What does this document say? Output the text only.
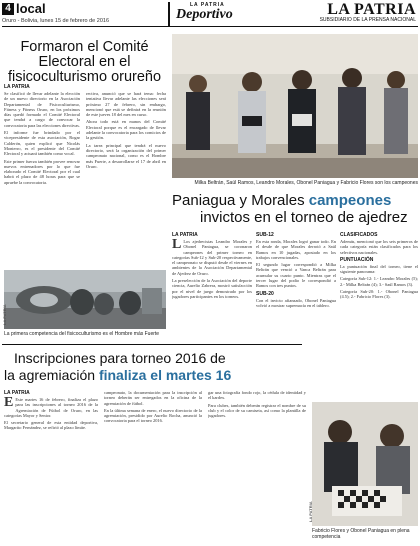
4 local	LA PATRIA
Deportivo	LA PATRIA
SUBSIDIARIO DE LA PRENSA NACIONAL
Oruro - Bolivia, lunes 15 de febrero de 2016
Formaron el Comité Electoral en el fisicoculturismo orureño
LA PATRIA

Se clasificó de llevar adelante la elección de un nuevo directorio en la Asociación Departamental de Fisicoculturismo, Fitness y Fitness Oruro, en los próximos días quedó formado el Comité Electoral que tendrá a cargo de convocar la convocatoria para las elecciones directivas.

El informe fue brindado por el vicepresidente de esta asociación, Rogar Calderón, quien explicó que Nicolás Monterro, es el presidente del Comité Electoral y actuará también como vocal.

Este primer fuerza también provee renovar nuevos entrenadores por lo que fue elaborado el Comité Electoral por el cual habrá el plazo de 48 horas para que se apruebe la convocatoria.

rectiva, anunció que se hará tema: fecha tentativa llevar adelante las elecciones será próximo 27 de febrero, sin embargo, mencionó que está se definirá en la reunión de este jueves 18 del mes en curso.

Ahora todo está en manos del Comité Electoral porque es el encargado de llevar adelante la convocatoria para los comicios de la gestión.

La tarea principal que tendrá el nuevo directorio, será la organización del primer campeonato nacional, como es el Hombre más Fuerte, a desarrollarse el 17 de abril en Oruro.

LA PATRIA
La primera competencia del fisicoculturismo es el Hombre más Fuerte
Milka Beltrán, Saúl Ramos, Leandro Morales, Obonel Paniagua y Fabricio Flores son los campeones
Paniagua y Morales campeones
invictos en el torneo de ajedrez
LA PATRIA

L Los ajedrecistas Leandro Morales y Obonel Paniagua, se coronaron campeones del primer torneo en categorías Sub-12 y Sub-20 respectivamente, el campeonato se disputó desde el viernes en ambientes de la Asociación Departamental de Ajedrez de Oruro.

La preselección de la Asociación del deporte ciencia, Aurelio Zabrera, mostró satisfacción por el nivel de juego demostrado por los jugadores participantes en los torneos.

SUB-12

En esta ronda, Morales logró ganar todo. En el desde de que Morales derrotó a Saúl Ramos en 10 jugadas, apostado en los trabajos convencionales.

El segundo lugar correspondió a Milka Beltrán que venció a Vanca Beltrán para acumular su cuarto punto. Mientras que el tercer lugar del podio le correspondió a Ramos con tres puntos.

SUB-20

Con el invicto afianzado, Obonel Paniagua volvió a mostrar supremacía en el tablero.

CLASIFICADOS

Además, mencionó que los seis primeros de cada categoría están clasificados para los selectivos nacionales.

PUNTUACIÓN

La puntuación final del torneo, tiene el siguiente panorama:

Categoría Sub-12: 1.- Leandro Morales (5); 2.- Milka Beltrán (4); 3.- Saúl Ramos (3).

Categoría Sub-20: 1.- Obonel Paniagua (4.5); 2.- Fabricio Flores (3).

LA PATRIA
Fabricio Flores y Obonel Paniagua en plena competencia
Inscripciones para torneo 2016 de
la agremiación finaliza el martes 16
LA PATRIA

E Este martes 16 de febrero, finaliza el plazo para las inscripciones al torneo 2016 de la Agremiación de Fútbol de Oruro, en las categorías Mayor y Senior.

El secretario general de esta entidad deportiva, Margarito Fernández, se refirió al plazo límite.

campeonato, la documentación para la inscripción al torneo deberán ser entregados en la oficina de la agremiación de fútbol.

En la última semana de enero, el nuevo directorio de la agremiación, presidido por Aurelio Rocha, anunció la convocatoria para el torneo 2016.

gar una fotografía fondo rojo, la cédula de identidad y el kardex.

Para clubes, también deberán registrar el nombre de su club y el color de su camiseta, así como la plantilla de jugadores.
